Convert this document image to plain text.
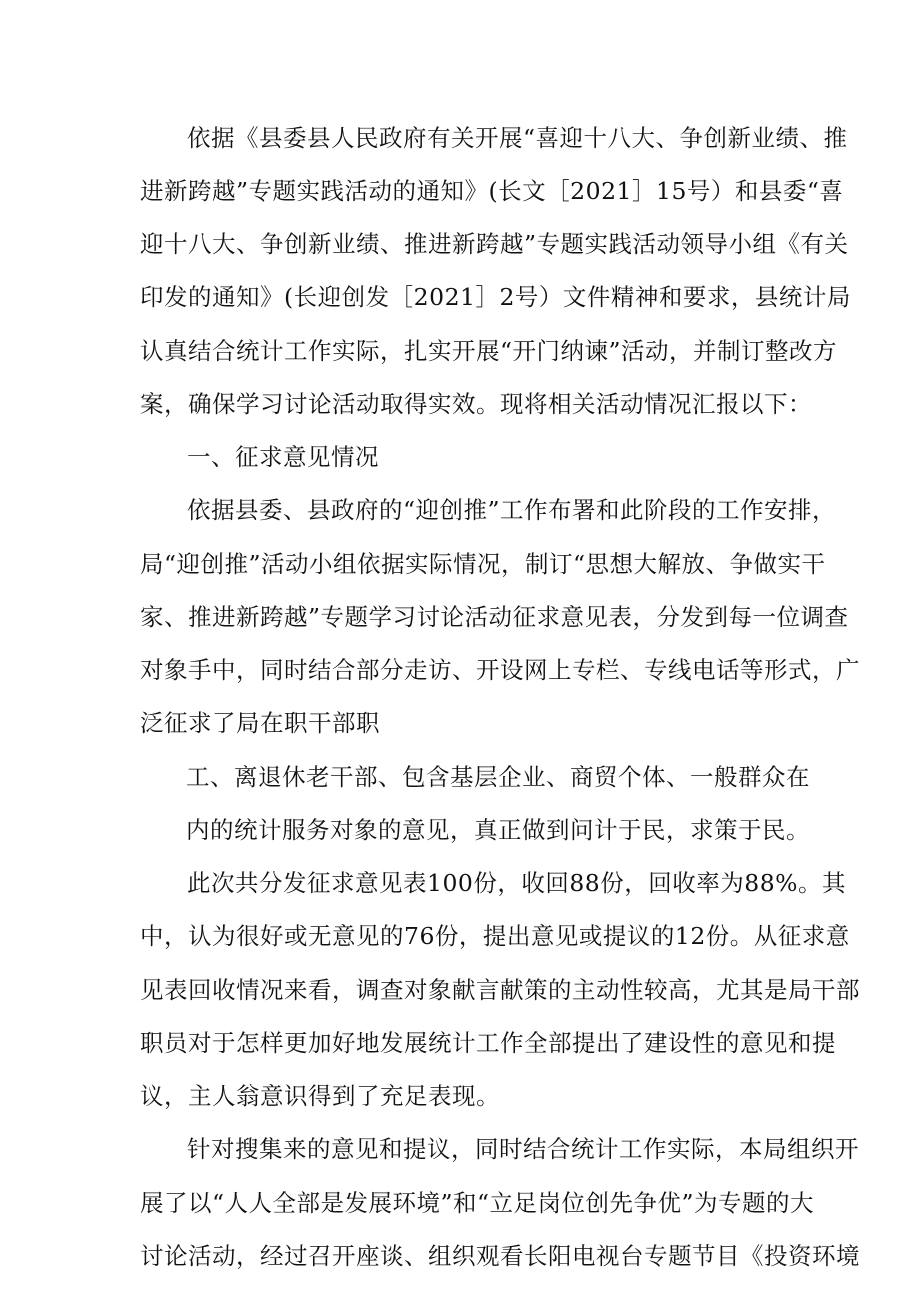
依据《县委县人民政府有关开展“喜迎十八大、争创新业绩、推
进新跨越”专题实践活动的通知》(长文［2021］15号）和县委“喜
迎十八大、争创新业绩、推进新跨越”专题实践活动领导小组《有关
印发的通知》(长迎创发［2021］2号）文件精神和要求，县统计局
认真结合统计工作实际，扎实开展“开门纳谏”活动，并制订整改方
案，确保学习讨论活动取得实效。现将相关活动情况汇报以下：
一、征求意见情况
依据县委、县政府的“迎创推”工作布署和此阶段的工作安排，
局“迎创推”活动小组依据实际情况，制订“思想大解放、争做实干
家、推进新跨越”专题学习讨论活动征求意见表，分发到每一位调查
对象手中，同时结合部分走访、开设网上专栏、专线电话等形式，广
泛征求了局在职干部职
工、离退休老干部、包含基层企业、商贸个体、一般群众在
内的统计服务对象的意见，真正做到问计于民，求策于民。
此次共分发征求意见表100份，收回88份，回收率为88%。其
中，认为很好或无意见的76份，提出意见或提议的12份。从征求意
见表回收情况来看，调查对象献言献策的主动性较高，尤其是局干部
职员对于怎样更加好地发展统计工作全部提出了建设性的意见和提
议，主人翁意识得到了充足表现。
针对搜集来的意见和提议，同时结合统计工作实际，本局组织开
展了以“人人全部是发展环境”和“立足岗位创先争优”为专题的大
讨论活动，经过召开座谈、组织观看长阳电视台专题节目《投资环境
